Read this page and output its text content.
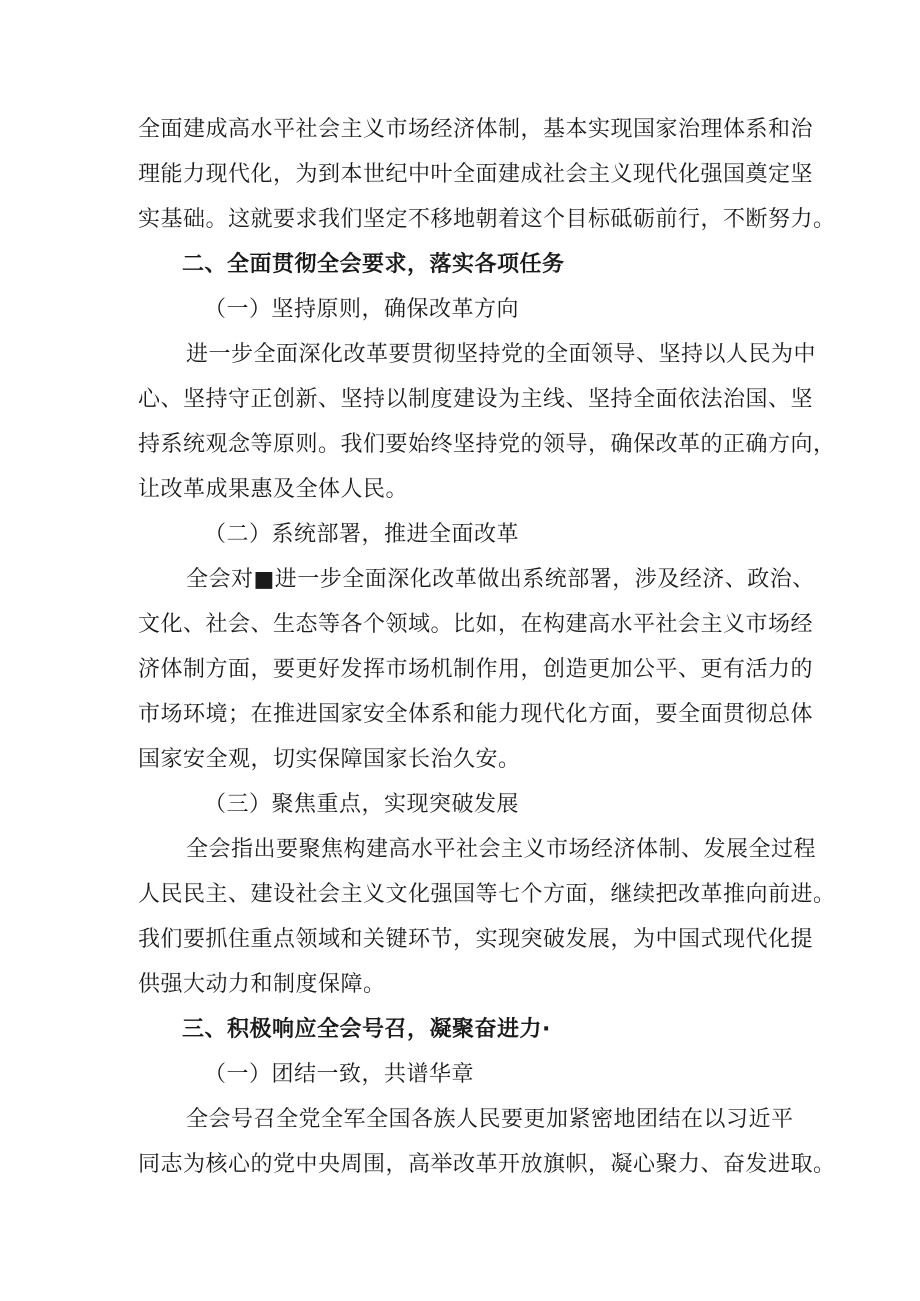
全面建成高水平社会主义市场经济体制，基本实现国家治理体系和治
理能力现代化，为到本世纪中叶全面建成社会主义现代化强国奠定坚
实基础。这就要求我们坚定不移地朝着这个目标砥砺前行，不断努力。
二、全面贯彻全会要求，落实各项任务
（一）坚持原则，确保改革方向
进一步全面深化改革要贯彻坚持党的全面领导、坚持以人民为中
心、坚持守正创新、坚持以制度建设为主线、坚持全面依法治国、坚
持系统观念等原则。我们要始终坚持党的领导，确保改革的正确方向，
让改革成果惠及全体人民。
（二）系统部署，推进全面改革
全会对■进一步全面深化改革做出系统部署，涉及经济、政治、
文化、社会、生态等各个领域。比如，在构建高水平社会主义市场经
济体制方面，要更好发挥市场机制作用，创造更加公平、更有活力的
市场环境；在推进国家安全体系和能力现代化方面，要全面贯彻总体
国家安全观，切实保障国家长治久安。
（三）聚焦重点，实现突破发展
全会指出要聚焦构建高水平社会主义市场经济体制、发展全过程
人民民主、建设社会主义文化强国等七个方面，继续把改革推向前进。
我们要抓住重点领域和关键环节，实现突破发展，为中国式现代化提
供强大动力和制度保障。
三、积极响应全会号召，凝聚奋进力·
（一）团结一致，共谱华章
全会号召全党全军全国各族人民要更加紧密地团结在以习近平
同志为核心的党中央周围，高举改革开放旗帜，凝心聚力、奋发进取。
